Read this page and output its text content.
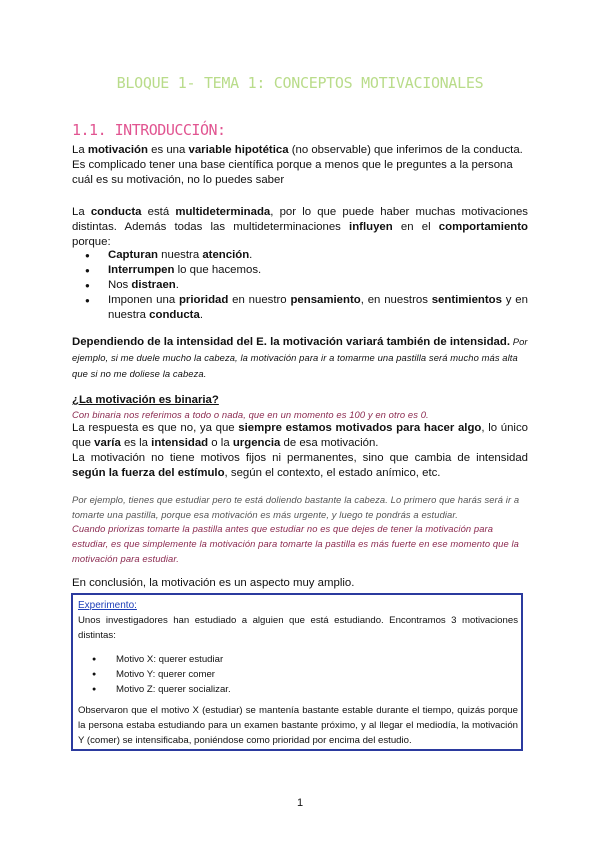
BLOQUE 1- TEMA 1: CONCEPTOS MOTIVACIONALES
1.1. INTRODUCCIÓN:

La motivación es una variable hipotética (no observable) que inferimos de la conducta.
Es complicado tener una base científica porque a menos que le preguntes a la persona cuál es su motivación, no lo puedes saber

La conducta está multideterminada, por lo que puede haber muchas motivaciones distintas. Además todas las multideterminaciones influyen en el comportamiento porque:

● Capturan nuestra atención.
● Interrumpen lo que hacemos.
● Nos distraen.
● Imponen una prioridad en nuestro pensamiento, en nuestros sentimientos y en nuestra conducta.

Dependiendo de la intensidad del E. la motivación variará también de intensidad. Por ejemplo, si me duele mucho la cabeza, la motivación para ir a tomarme una pastilla será mucho más alta que si no me doliese la cabeza.

¿La motivación es binaria?

Con binaria nos referimos a todo o nada, que en un momento es 100 y en otro es 0.

La respuesta es que no, ya que siempre estamos motivados para hacer algo, lo único que varía es la intensidad o la urgencia de esa motivación.
La motivación no tiene motivos fijos ni permanentes, sino que cambia de intensidad según la fuerza del estímulo, según el contexto, el estado anímico, etc.

Por ejemplo, tienes que estudiar pero te está doliendo bastante la cabeza. Lo primero que harás será ir a tomarte una pastilla, porque esa motivación es más urgente, y luego te pondrás a estudiar.

Cuando priorizas tomarte la pastilla antes que estudiar no es que dejes de tener la motivación para estudiar, es que simplemente la motivación para tomarte la pastilla es más fuerte en ese momento que la motivación para estudiar.

En conclusión, la motivación es un aspecto muy amplio.

Experimento:

Unos investigadores han estudiado a alguien que está estudiando. Encontramos 3 motivaciones distintas:

● Motivo X: querer estudiar
● Motivo Y: querer comer
● Motivo Z: querer socializar.

Observaron que el motivo X (estudiar) se mantenía bastante estable durante el tiempo, quizás porque la persona estaba estudiando para un examen bastante próximo, y al llegar el mediodía, la motivación Y (comer) se intensificaba, poniéndose como prioridad por encima del estudio.

1
